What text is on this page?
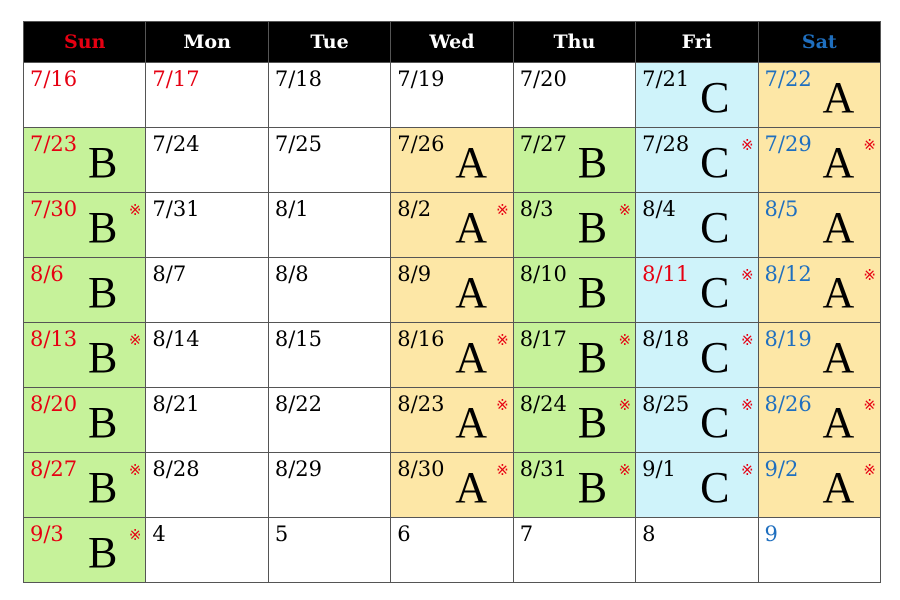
Sun	Mon	Tue	Wed	Thu	Fri	Sat

7/16	7/17	7/18	7/19	7/20	7/21 C	7/22 A

7/23 B	7/24	7/25	7/26 A	7/27 B	7/28 C ※	7/29 A ※

7/30 B ※	7/31	8/1	8/2 A ※	8/3 B ※	8/4 C	8/5 A

8/6 B	8/7	8/8	8/9 A	8/10 B	8/11 C ※	8/12 A ※

8/13 B ※	8/14	8/15	8/16 A ※	8/17 B ※	8/18 C ※	8/19 A

8/20 B	8/21	8/22	8/23 A ※	8/24 B ※	8/25 C ※	8/26 A ※

8/27 B ※	8/28	8/29	8/30 A ※	8/31 B ※	9/1 C ※	9/2 A ※

9/3 B ※	4	5	6	7	8	9
